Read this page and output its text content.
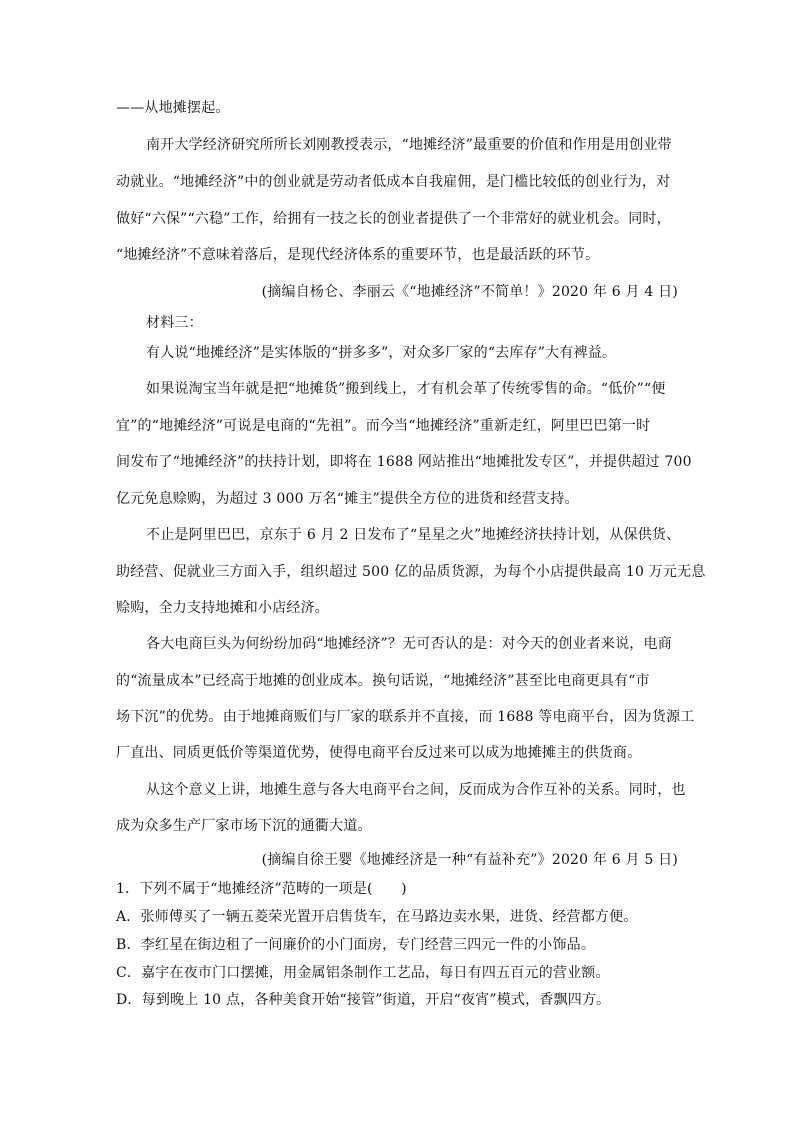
——从地摊摆起。
南开大学经济研究所所长刘刚教授表示，“地摊经济”最重要的价值和作用是用创业带
动就业。“地摊经济”中的创业就是劳动者低成本自我雇佣，是门槛比较低的创业行为，对
做好“六保”“六稳”工作，给拥有一技之长的创业者提供了一个非常好的就业机会。同时，
“地摊经济”不意味着落后，是现代经济体系的重要环节，也是最活跃的环节。
(摘编自杨仑、李丽云《“地摊经济”不简单！》2020 年 6 月 4 日)
材料三：
有人说“地摊经济”是实体版的“拼多多”，对众多厂家的“去库存”大有裨益。
如果说淘宝当年就是把“地摊货”搬到线上，才有机会革了传统零售的命。“低价”“便
宜”的“地摊经济”可说是电商的“先祖”。而今当“地摊经济”重新走红，阿里巴巴第一时
间发布了“地摊经济”的扶持计划，即将在 1688 网站推出“地摊批发专区”，并提供超过 700
亿元免息赊购，为超过 3 000 万名“摊主”提供全方位的进货和经营支持。
不止是阿里巴巴，京东于 6 月 2 日发布了“星星之火”地摊经济扶持计划，从保供货、
助经营、促就业三方面入手，组织超过 500 亿的品质货源，为每个小店提供最高 10 万元无息
赊购，全力支持地摊和小店经济。
各大电商巨头为何纷纷加码“地摊经济”？无可否认的是：对今天的创业者来说，电商
的“流量成本”已经高于地摊的创业成本。换句话说，“地摊经济”甚至比电商更具有“市
场下沉”的优势。由于地摊商贩们与厂家的联系并不直接，而 1688 等电商平台，因为货源工
厂直出、同质更低价等渠道优势，使得电商平台反过来可以成为地摊摊主的供货商。
从这个意义上讲，地摊生意与各大电商平台之间，反而成为合作互补的关系。同时，也
成为众多生产厂家市场下沉的通衢大道。
(摘编自徐王婴《地摊经济是一种“有益补充”》2020 年 6 月 5 日)
1．下列不属于“地摊经济”范畴的一项是(　　)
A．张师傅买了一辆五菱荣光置开启售货车，在马路边卖水果，进货、经营都方便。
B．李红星在街边租了一间廉价的小门面房，专门经营三四元一件的小饰品。
C．嘉宇在夜市门口摆摊，用金属铝条制作工艺品，每日有四五百元的营业额。
D．每到晚上 10 点，各种美食开始“接管”街道，开启“夜宵”模式，香飘四方。
